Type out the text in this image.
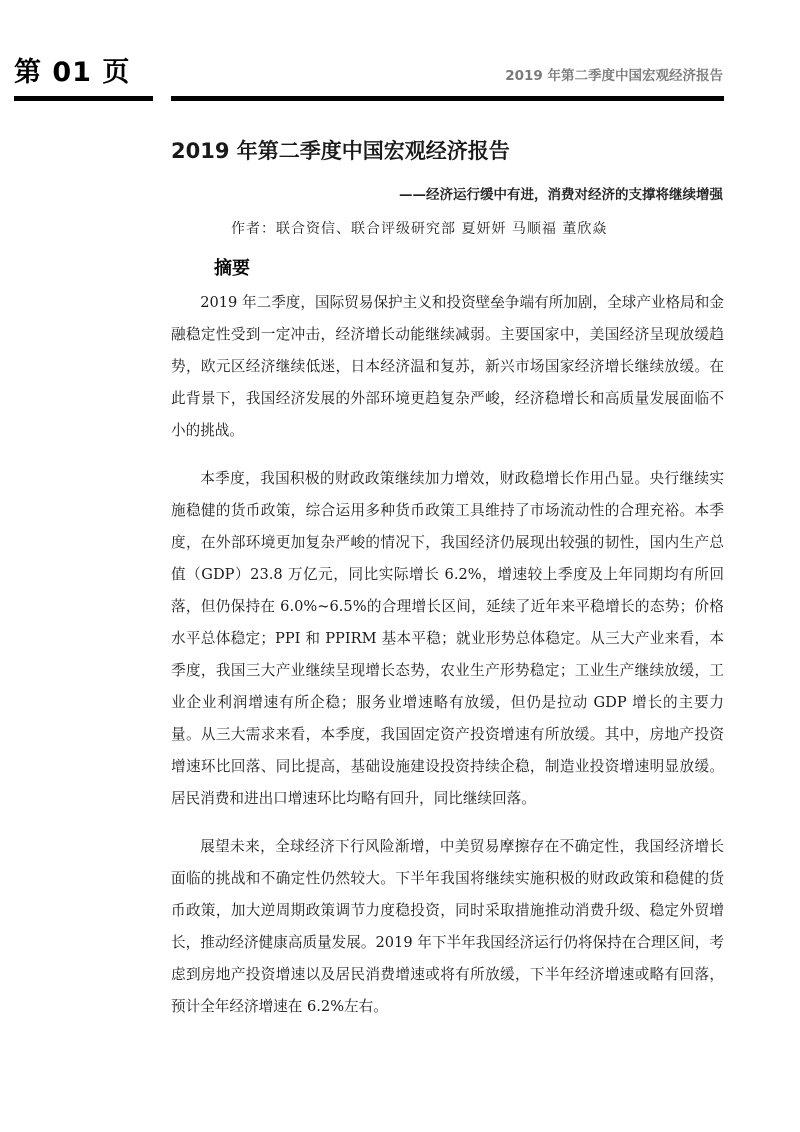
第 01 页	2019 年第二季度中国宏观经济报告
2019 年第二季度中国宏观经济报告
——经济运行缓中有进，消费对经济的支撑将继续增强
作者：联合资信、联合评级研究部 夏妍妍 马顺福 董欣焱
摘要

2019 年二季度，国际贸易保护主义和投资壁垒争端有所加剧，全球产业格局和金融稳定性受到一定冲击，经济增长动能继续减弱。主要国家中，美国经济呈现放缓趋势，欧元区经济继续低迷，日本经济温和复苏，新兴市场国家经济增长继续放缓。在此背景下，我国经济发展的外部环境更趋复杂严峻，经济稳增长和高质量发展面临不小的挑战。

本季度，我国积极的财政政策继续加力增效，财政稳增长作用凸显。央行继续实施稳健的货币政策，综合运用多种货币政策工具维持了市场流动性的合理充裕。本季度，在外部环境更加复杂严峻的情况下，我国经济仍展现出较强的韧性，国内生产总值（GDP）23.8 万亿元，同比实际增长 6.2%，增速较上季度及上年同期均有所回落，但仍保持在 6.0%~6.5%的合理增长区间，延续了近年来平稳增长的态势；价格水平总体稳定；PPI 和 PPIRM 基本平稳；就业形势总体稳定。从三大产业来看，本季度，我国三大产业继续呈现增长态势，农业生产形势稳定；工业生产继续放缓，工业企业利润增速有所企稳；服务业增速略有放缓，但仍是拉动 GDP 增长的主要力量。从三大需求来看，本季度，我国固定资产投资增速有所放缓。其中，房地产投资增速环比回落、同比提高，基础设施建设投资持续企稳，制造业投资增速明显放缓。居民消费和进出口增速环比均略有回升，同比继续回落。

展望未来，全球经济下行风险渐增，中美贸易摩擦存在不确定性，我国经济增长面临的挑战和不确定性仍然较大。下半年我国将继续实施积极的财政政策和稳健的货币政策，加大逆周期政策调节力度稳投资，同时采取措施推动消费升级、稳定外贸增长，推动经济健康高质量发展。2019 年下半年我国经济运行仍将保持在合理区间，考虑到房地产投资增速以及居民消费增速或将有所放缓，下半年经济增速或略有回落，预计全年经济增速在 6.2%左右。
